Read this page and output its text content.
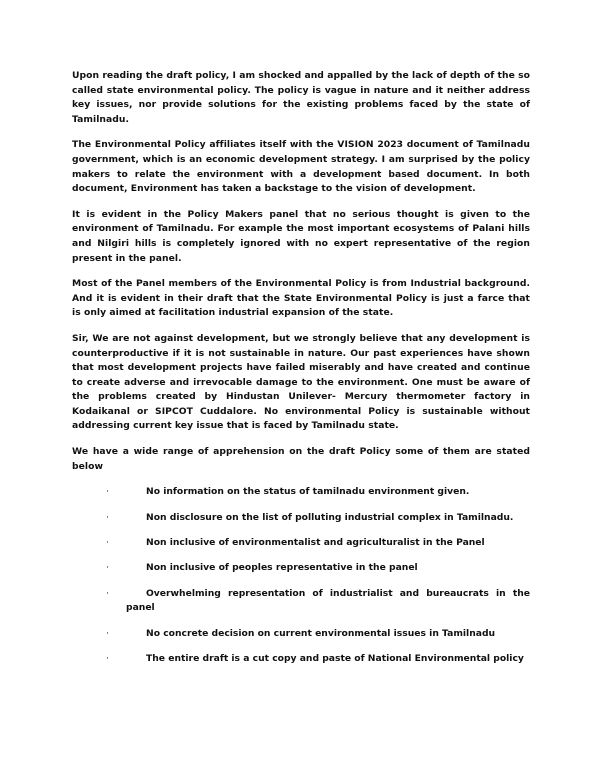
Upon reading the draft policy, I am shocked and appalled by the lack of depth of the so called state environmental policy. The policy is vague in nature and it neither address key issues, nor provide solutions for the existing problems faced by the state of Tamilnadu.

The Environmental Policy affiliates itself with the VISION 2023 document of Tamilnadu government, which is an economic development strategy. I am surprised by the policy makers to relate the environment with a development based document. In both document, Environment has taken a backstage to the vision of development.

It is evident in the Policy Makers panel that no serious thought is given to the environment of Tamilnadu. For example the most important ecosystems of Palani hills and Nilgiri hills is completely ignored with no expert representative of the region present in the panel.

Most of the Panel members of the Environmental Policy is from Industrial background. And it is evident in their draft that the State Environmental Policy is just a farce that is only aimed at facilitation industrial expansion of the state.

Sir, We are not against development, but we strongly believe that any development is counterproductive if it is not sustainable in nature. Our past experiences have shown that most development projects have failed miserably and have created and continue to create adverse and irrevocable damage to the environment. One must be aware of the problems created by Hindustan Unilever- Mercury thermometer factory in Kodaikanal or SIPCOT Cuddalore. No environmental Policy is sustainable without addressing current key issue that is faced by Tamilnadu state.

We have a wide range of apprehension on the draft Policy some of them are stated below

·	No information on the status of tamilnadu environment given.
·	Non disclosure on the list of polluting industrial complex in Tamilnadu.
·	Non inclusive of environmentalist and agriculturalist in the Panel
·	Non inclusive of peoples representative in the panel
·	Overwhelming representation of industrialist and bureaucrats in the panel
·	No concrete decision on current environmental issues in Tamilnadu
·	The entire draft is a cut copy and paste of National Environmental policy
